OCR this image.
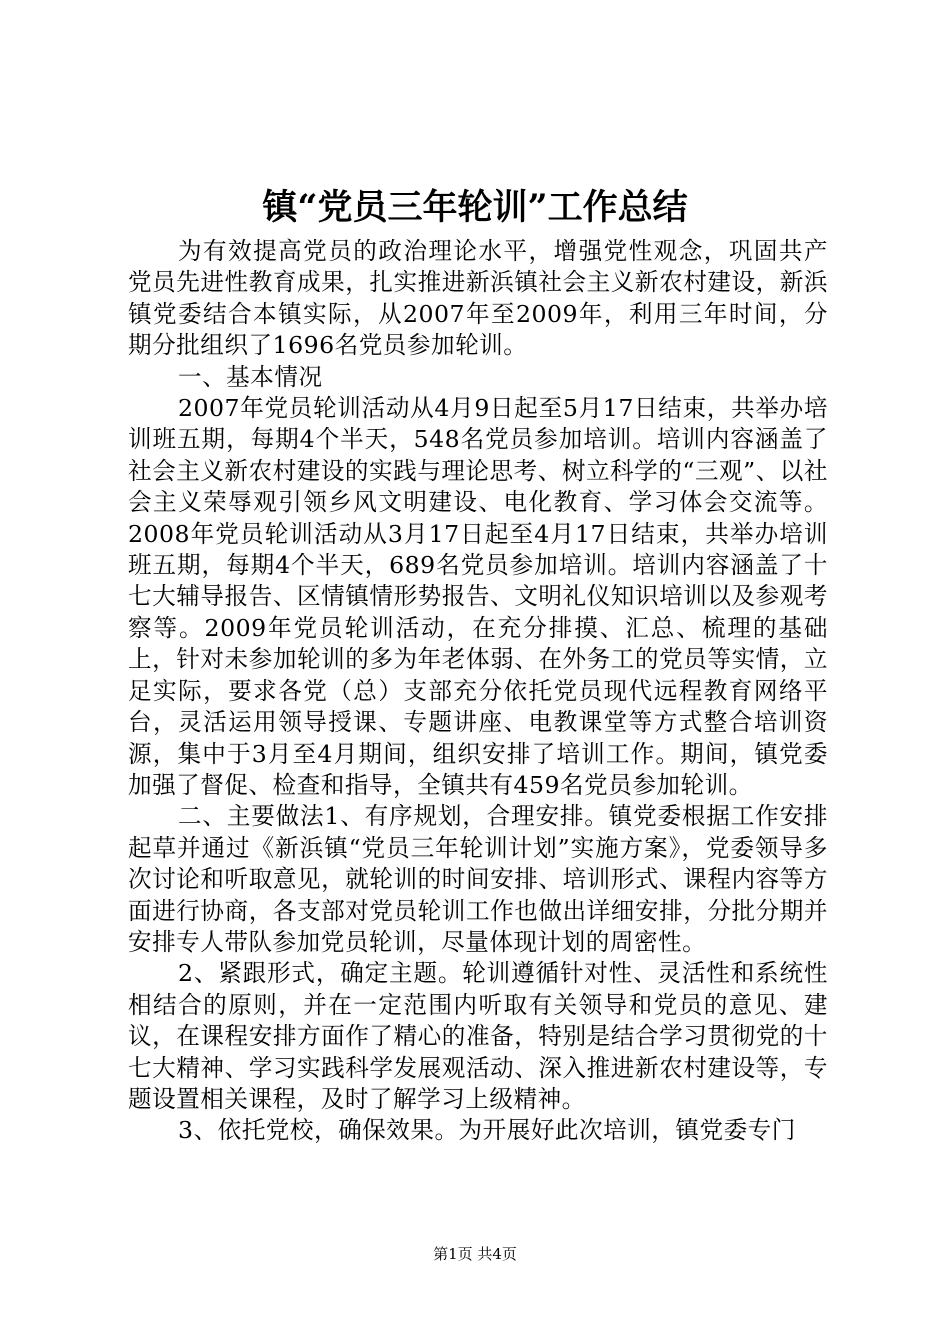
镇“党员三年轮训”工作总结

为有效提高党员的政治理论水平，增强党性观念，巩固共产党员先进性教育成果，扎实推进新浜镇社会主义新农村建设，新浜镇党委结合本镇实际，从2007年至2009年，利用三年时间，分期分批组织了1696名党员参加轮训。

一、基本情况

2007年党员轮训活动从4月9日起至5月17日结束，共举办培训班五期，每期4个半天，548名党员参加培训。培训内容涵盖了社会主义新农村建设的实践与理论思考、树立科学的“三观”、以社会主义荣辱观引领乡风文明建设、电化教育、学习体会交流等。2008年党员轮训活动从3月17日起至4月17日结束，共举办培训班五期，每期4个半天，689名党员参加培训。培训内容涵盖了十七大辅导报告、区情镇情形势报告、文明礼仪知识培训以及参观考察等。2009年党员轮训活动，在充分排摸、汇总、梳理的基础上，针对未参加轮训的多为年老体弱、在外务工的党员等实情，立足实际，要求各党（总）支部充分依托党员现代远程教育网络平台，灵活运用领导授课、专题讲座、电教课堂等方式整合培训资源，集中于3月至4月期间，组织安排了培训工作。期间，镇党委加强了督促、检查和指导，全镇共有459名党员参加轮训。

二、主要做法1、有序规划，合理安排。镇党委根据工作安排起草并通过《新浜镇“党员三年轮训计划”实施方案》，党委领导多次讨论和听取意见，就轮训的时间安排、培训形式、课程内容等方面进行协商，各支部对党员轮训工作也做出详细安排，分批分期并安排专人带队参加党员轮训，尽量体现计划的周密性。

2、紧跟形式，确定主题。轮训遵循针对性、灵活性和系统性相结合的原则，并在一定范围内听取有关领导和党员的意见、建议，在课程安排方面作了精心的准备，特别是结合学习贯彻党的十七大精神、学习实践科学发展观活动、深入推进新农村建设等，专题设置相关课程，及时了解学习上级精神。

3、依托党校，确保效果。为开展好此次培训，镇党委专门

第1页 共4页
